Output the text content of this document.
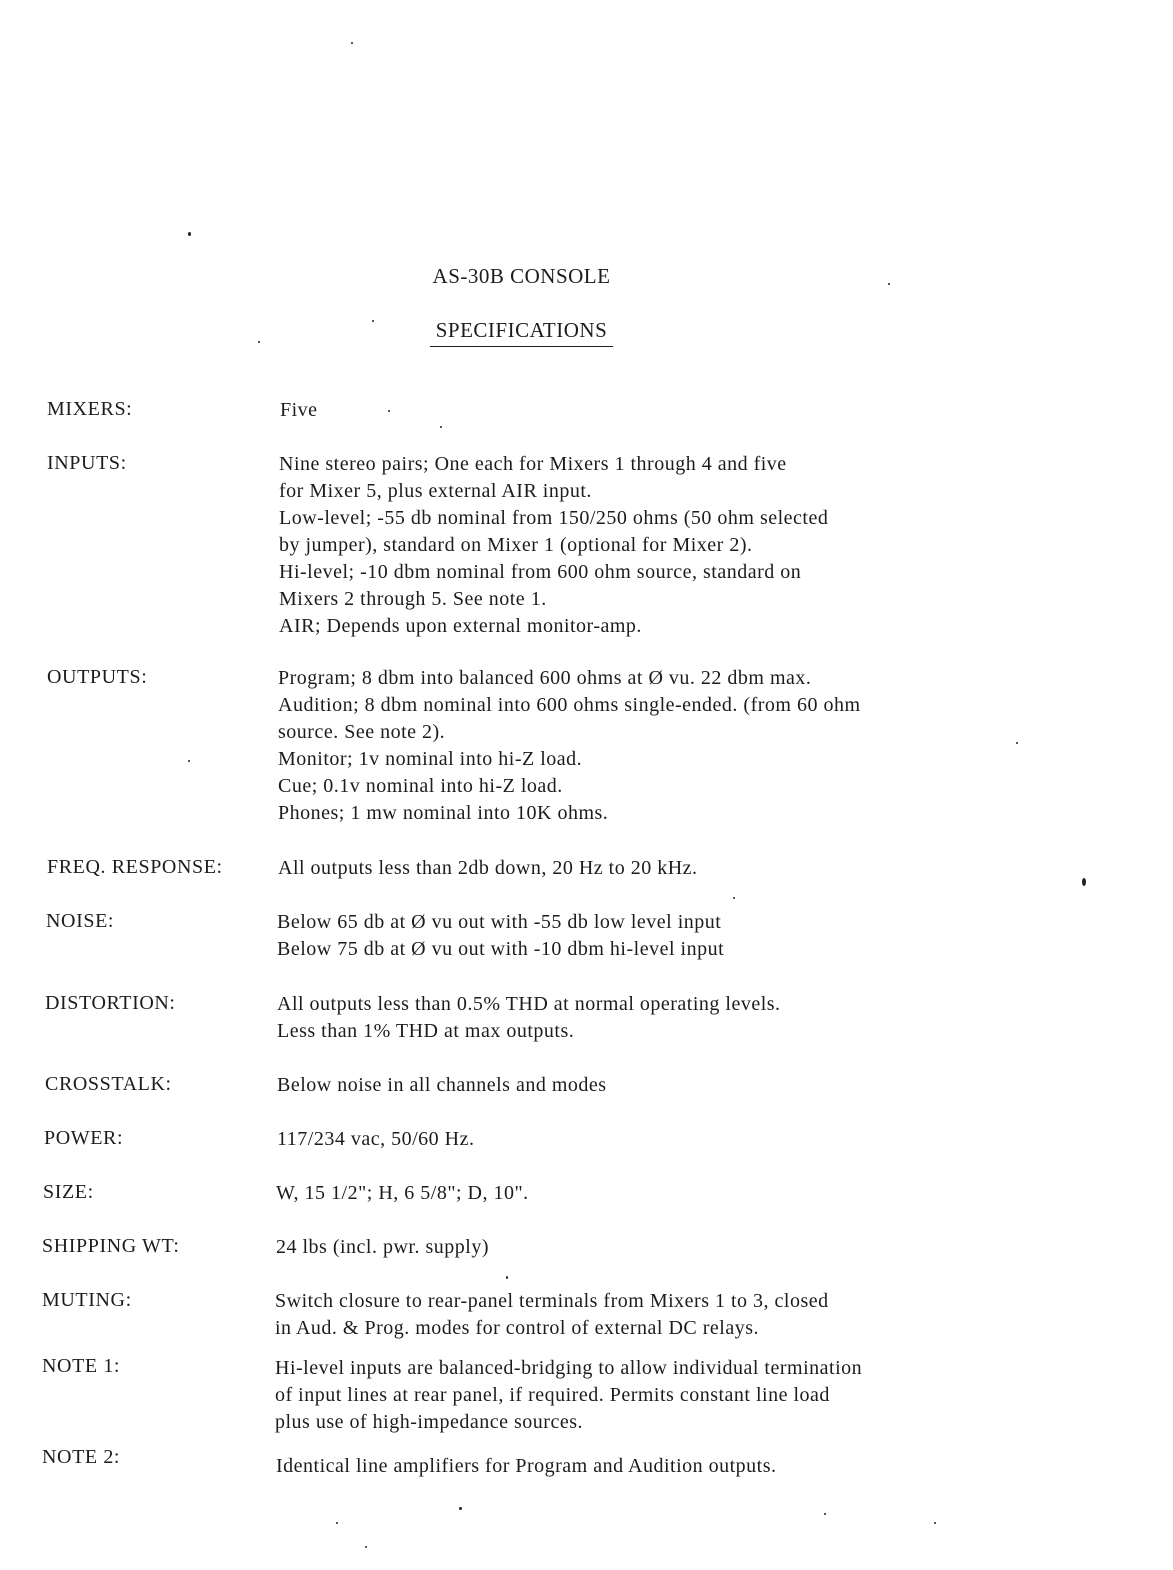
AS-30B CONSOLE
SPECIFICATIONS
MIXERS:	Five
INPUTS:	Nine stereo pairs; One each for Mixers 1 through 4 and five
for Mixer 5, plus external AIR input.
Low-level; -55 db nominal from 150/250 ohms (50 ohm selected
by jumper), standard on Mixer 1 (optional for Mixer 2).
Hi-level; -10 dbm nominal from 600 ohm source, standard on
Mixers 2 through 5. See note 1.
AIR; Depends upon external monitor-amp.
OUTPUTS:	Program; 8 dbm into balanced 600 ohms at Ø vu. 22 dbm max.
Audition; 8 dbm nominal into 600 ohms single-ended. (from 60 ohm
source. See note 2).
Monitor; 1v nominal into hi-Z load.
Cue; 0.1v nominal into hi-Z load.
Phones; 1 mw nominal into 10K ohms.
FREQ. RESPONSE:	All outputs less than 2db down, 20 Hz to 20 kHz.
NOISE:	Below 65 db at Ø vu out with -55 db low level input
Below 75 db at Ø vu out with -10 dbm hi-level input
DISTORTION:	All outputs less than 0.5% THD at normal operating levels.
Less than 1% THD at max outputs.
CROSSTALK:	Below noise in all channels and modes
POWER:	117/234 vac, 50/60 Hz.
SIZE:	W, 15 1/2"; H, 6 5/8"; D, 10".
SHIPPING WT:	24 lbs (incl. pwr. supply)
MUTING:	Switch closure to rear-panel terminals from Mixers 1 to 3, closed
in Aud. & Prog. modes for control of external DC relays.
NOTE 1:	Hi-level inputs are balanced-bridging to allow individual termination
of input lines at rear panel, if required. Permits constant line load
plus use of high-impedance sources.
NOTE 2:	Identical line amplifiers for Program and Audition outputs.
